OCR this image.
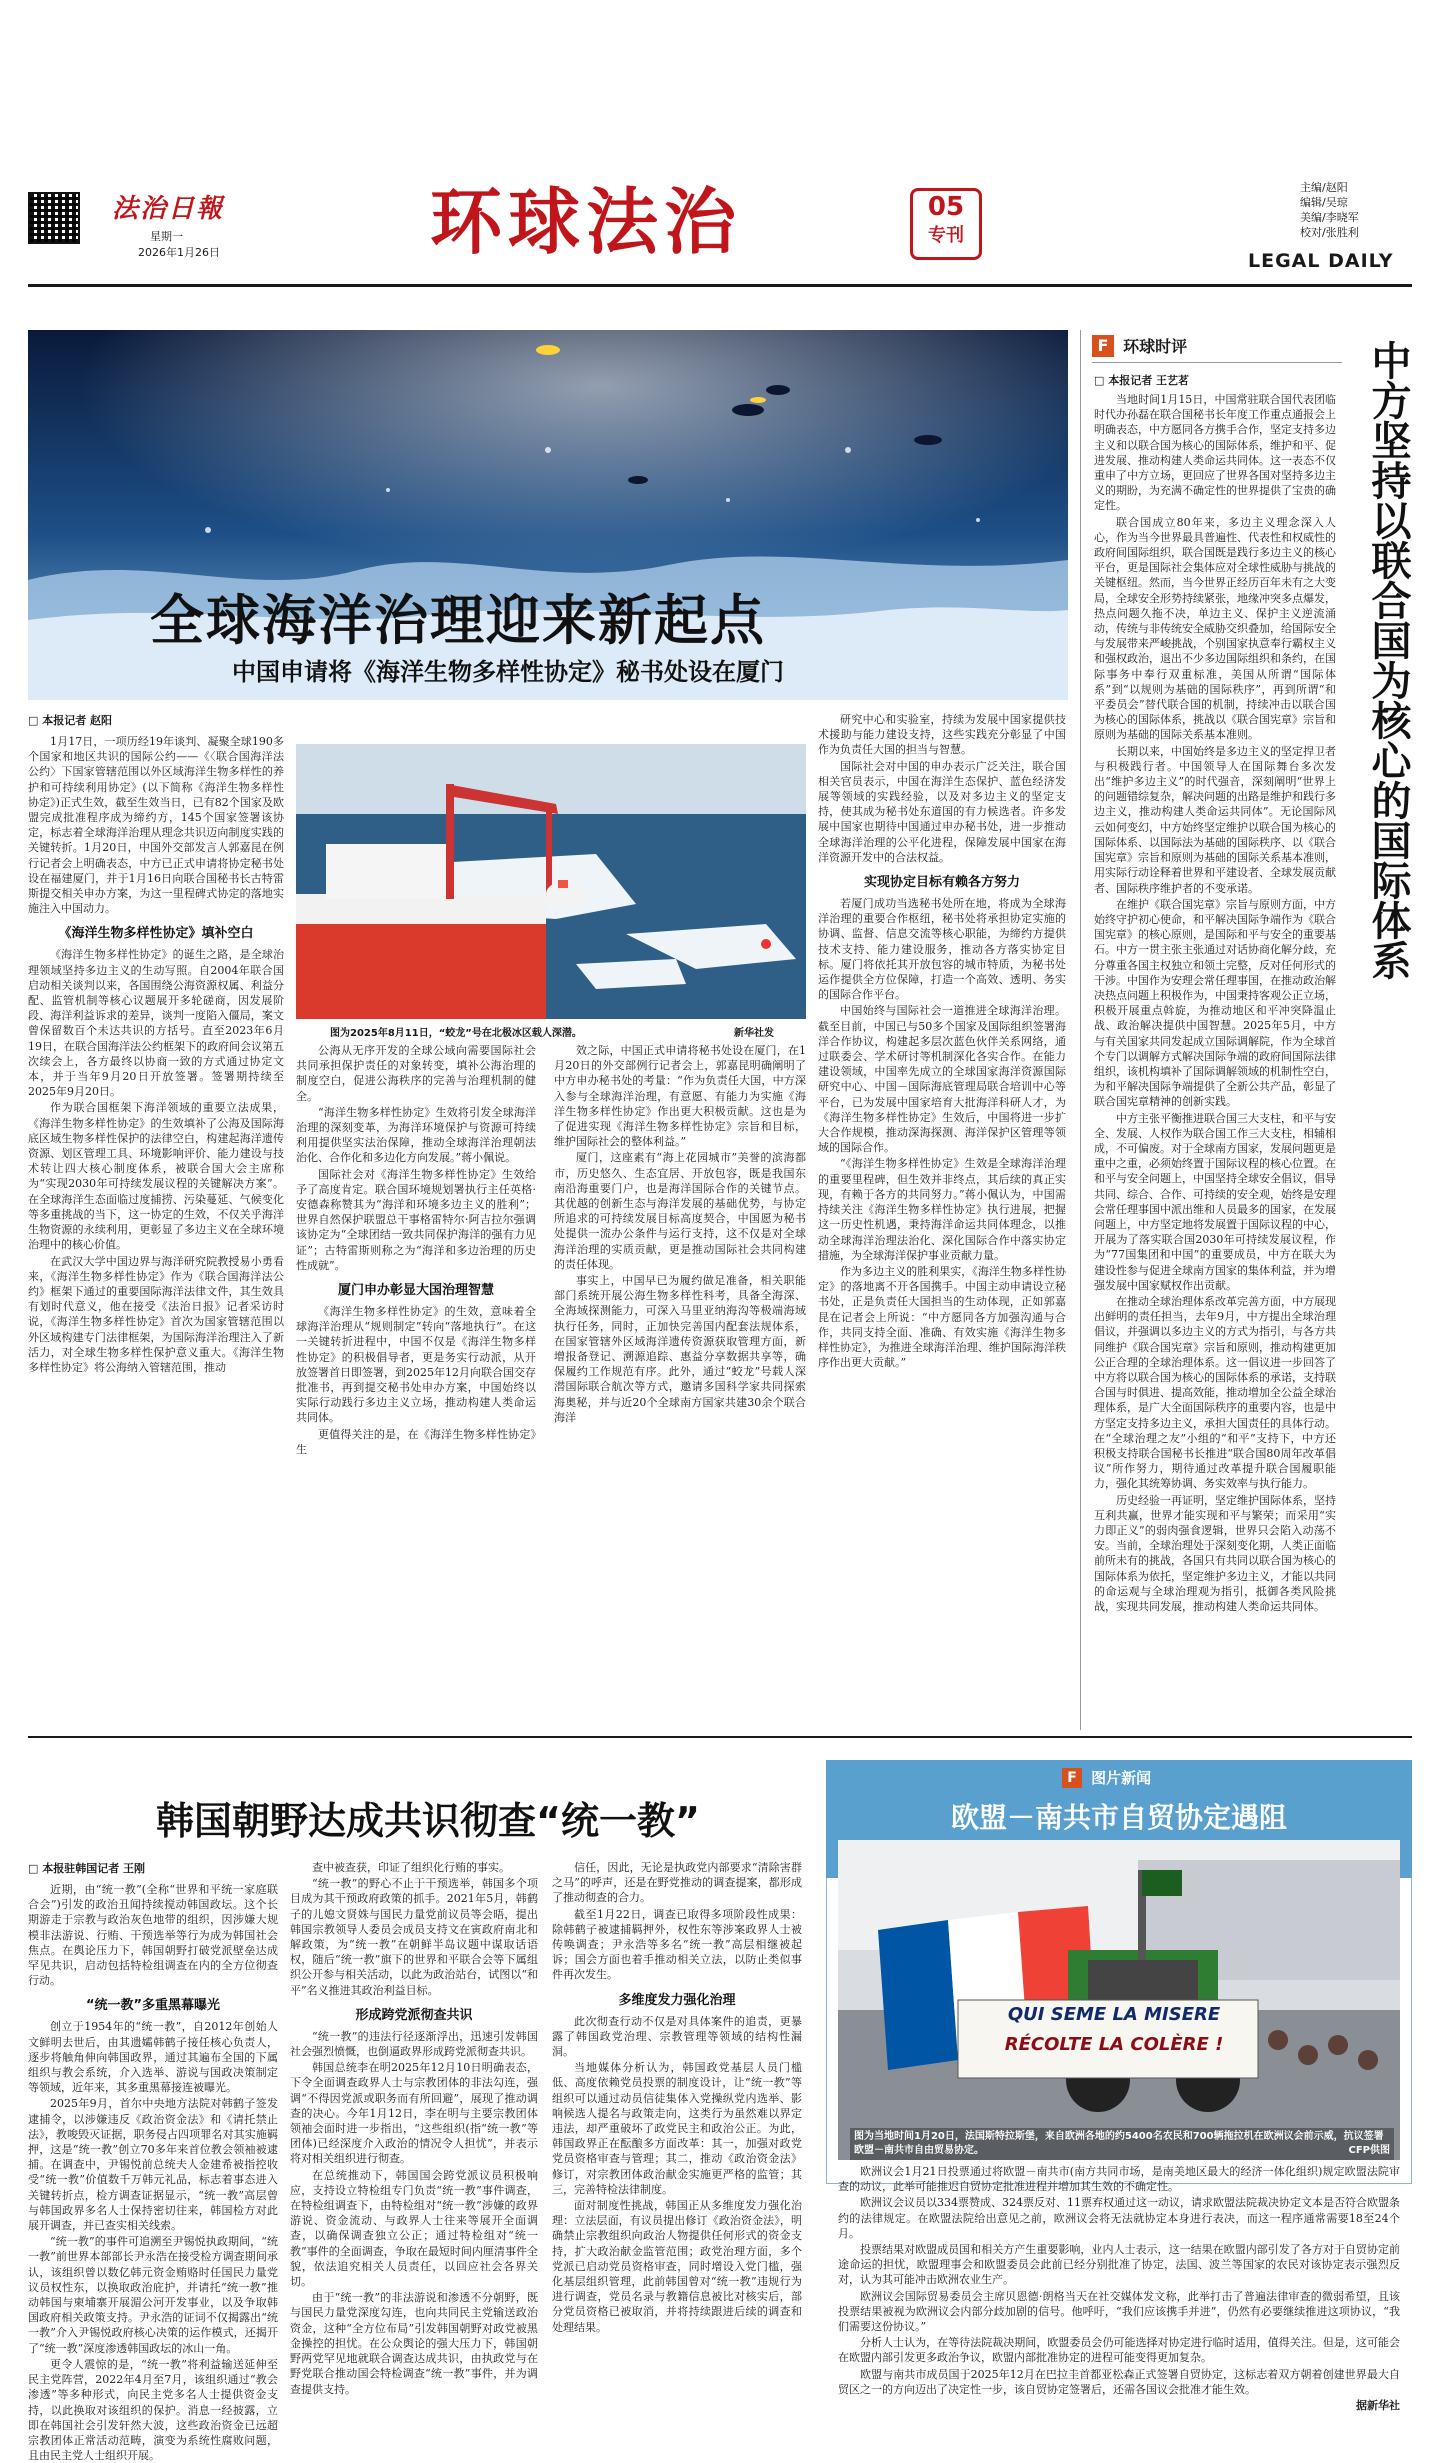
法治日報
星期一
2026年1月26日	环球法治	05
专刊
主编/赵阳
编辑/吴琼
美编/李晓军
校对/张胜利
LEGAL DAILY
全球海洋治理迎来新起点
中国申请将《海洋生物多样性协定》秘书处设在厦门
□ 本报记者 赵阳

1月17日，一项历经19年谈判、凝聚全球190多个国家和地区共识的国际公约——《〈联合国海洋法公约〉下国家管辖范围以外区域海洋生物多样性的养护和可持续利用协定》(以下简称《海洋生物多样性协定》)正式生效，截至生效当日，已有82个国家及欧盟完成批准程序成为缔约方，145个国家签署该协定，标志着全球海洋治理从理念共识迈向制度实践的关键转折。1月20日，中国外交部发言人郭嘉昆在例行记者会上明确表态，中方已正式申请将协定秘书处设在福建厦门，并于1月16日向联合国秘书长古特雷斯提交相关申办方案，为这一里程碑式协定的落地实施注入中国动力。

《海洋生物多样性协定》填补空白

《海洋生物多样性协定》的诞生之路，是全球治理领域坚持多边主义的生动写照。自2004年联合国启动相关谈判以来，各国围绕公海资源权属、利益分配、监管机制等核心议题展开多轮磋商，因发展阶段、海洋利益诉求的差异，谈判一度陷入僵局，案文曾保留数百个未达共识的方括号。直至2023年6月19日，在联合国海洋法公约框架下的政府间会议第五次续会上，各方最终以协商一致的方式通过协定文本，并于当年9月20日开放签署。签署期持续至2025年9月20日。

作为联合国框架下海洋领域的重要立法成果，《海洋生物多样性协定》的生效填补了公海及国际海底区域生物多样性保护的法律空白，构建起海洋遗传资源、划区管理工具、环境影响评价、能力建设与技术转让四大核心制度体系，被联合国大会主席称为“实现2030年可持续发展议程的关键解决方案”。在全球海洋生态面临过度捕捞、污染蔓延、气候变化等多重挑战的当下，这一协定的生效，不仅关乎海洋生物资源的永续利用，更彰显了多边主义在全球环境治理中的核心价值。

在武汉大学中国边界与海洋研究院教授易小勇看来，《海洋生物多样性协定》作为《联合国海洋法公约》框架下通过的重要国际海洋法律文件，其生效具有划时代意义，他在接受《法治日报》记者采访时说，《海洋生物多样性协定》首次为国家管辖范围以外区域构建专门法律框架，为国际海洋治理注入了新活力，对全球生物多样性保护意义重大。《海洋生物多样性协定》将公海纳入管辖范围，推动

图为2025年8月11日，“蛟龙”号在北极冰区载人深潜。	新华社发

公海从无序开发的全球公域向需要国际社会共同承担保护责任的对象转变，填补公海治理的制度空白，促进公海秩序的完善与治理机制的健全。

“海洋生物多样性协定》生效将引发全球海洋治理的深刻变革，为海洋环境保护与资源可持续利用提供坚实法治保障，推动全球海洋治理朝法治化、合作化和多边化方向发展。”蒋小佩说。

国际社会对《海洋生物多样性协定》生效给予了高度肯定。联合国环境规划署执行主任英格·安德森称赞其为“海洋和环境多边主义的胜利”；世界自然保护联盟总干事格雷特尔·阿吉拉尔强调该协定为“全球团结一致共同保护海洋的强有力见证”；古特雷斯则称之为“海洋和多边治理的历史性成就”。

厦门申办彰显大国治理智慧

《海洋生物多样性协定》的生效，意味着全球海洋治理从“规则制定”转向“落地执行”。在这一关键转折进程中，中国不仅是《海洋生物多样性协定》的积极倡导者，更是务实行动派，从开放签署首日即签署，到2025年12月向联合国交存批准书，再到提交秘书处申办方案，中国始终以实际行动践行多边主义立场，推动构建人类命运共同体。

更值得关注的是，在《海洋生物多样性协定》生

效之际，中国正式申请将秘书处设在厦门，在1月20日的外交部例行记者会上，郭嘉昆明确阐明了中方申办秘书处的考量：“作为负责任大国，中方深入参与全球海洋治理，有意愿、有能力为实施《海洋生物多样性协定》作出更大积极贡献。这也是为了促进实现《海洋生物多样性协定》宗旨和目标，维护国际社会的整体利益。”

厦门，这座素有“海上花园城市”美誉的滨海都市，历史悠久、生态宜居、开放包容，既是我国东南沿海重要门户，也是海洋国际合作的关键节点。其优越的创新生态与海洋发展的基础优势，与协定所追求的可持续发展目标高度契合，中国愿为秘书处提供一流办公条件与运行支持，这不仅是对全球海洋治理的实质贡献，更是推动国际社会共同构建的责任体现。

事实上，中国早已为履约做足准备，相关职能部门系统开展公海生物多样性科考，具备全海深、全海域探测能力，可深入马里亚纳海沟等极端海域执行任务，同时，正加快完善国内配套法规体系，在国家管辖外区域海洋遗传资源获取管理方面，新增报备登记、溯源追踪、惠益分享数据共享等，确保履约工作规范有序。此外，通过“蛟龙”号载人深潜国际联合航次等方式，邀请多国科学家共同探索海奥秘，并与近20个全球南方国家共建30余个联合海洋

研究中心和实验室，持续为发展中国家提供技术援助与能力建设支持，这些实践充分彰显了中国作为负责任大国的担当与智慧。

国际社会对中国的申办表示广泛关注，联合国相关官员表示，中国在海洋生态保护、蓝色经济发展等领域的实践经验，以及对多边主义的坚定支持，使其成为秘书处东道国的有力候选者。许多发展中国家也期待中国通过申办秘书处，进一步推动全球海洋治理的公平化进程，保障发展中国家在海洋资源开发中的合法权益。

实现协定目标有赖各方努力

若厦门成功当选秘书处所在地，将成为全球海洋治理的重要合作枢纽，秘书处将承担协定实施的协调、监督、信息交流等核心职能，为缔约方提供技术支持、能力建设服务，推动各方落实协定目标。厦门将依托其开放包容的城市特质，为秘书处运作提供全方位保障，打造一个高效、透明、务实的国际合作平台。

中国始终与国际社会一道推进全球海洋治理。截至目前，中国已与50多个国家及国际组织签署海洋合作协议，构建起多层次蓝色伙伴关系网络，通过联委会、学术研讨等机制深化各实合作。在能力建设领域，中国率先成立的全球国家海洋资源国际研究中心、中国－国际海底管理局联合培训中心等平台，已为发展中国家培育大批海洋科研人才，为《海洋生物多样性协定》生效后，中国将进一步扩大合作规模，推动深海探测、海洋保护区管理等领域的国际合作。

“《海洋生物多样性协定》生效是全球海洋治理的重要里程碑，但生效并非终点，其后续的真正实现，有赖于各方的共同努力。”蒋小佩认为，中国需持续关注《海洋生物多样性协定》执行进展，把握这一历史性机遇，秉持海洋命运共同体理念，以推动全球海洋治理法治化、深化国际合作中落实协定措施，为全球海洋保护事业贡献力量。

作为多边主义的胜利果实，《海洋生物多样性协定》的落地离不开各国携手。中国主动申请设立秘书处，正是负责任大国担当的生动体现，正如郭嘉昆在记者会上所说：“中方愿同各方加强沟通与合作，共同支持全面、准确、有效实施《海洋生物多样性协定》，为推进全球海洋治理、维护国际海洋秩序作出更大贡献。”

F 环球时评
□ 本报记者 王艺茗

当地时间1月15日，中国常驻联合国代表团临时代办孙磊在联合国秘书长年度工作重点通报会上明确表态，中方愿同各方携手合作，坚定支持多边主义和以联合国为核心的国际体系，维护和平、促进发展、推动构建人类命运共同体。这一表态不仅重申了中方立场，更回应了世界各国对坚持多边主义的期盼，为充满不确定性的世界提供了宝贵的确定性。

联合国成立80年来，多边主义理念深入人心，作为当今世界最具普遍性、代表性和权威性的政府间国际组织，联合国既是践行多边主义的核心平台，更是国际社会集体应对全球性威胁与挑战的关键枢纽。然而，当今世界正经历百年未有之大变局，全球安全形势持续紧张，地缘冲突多点爆发，热点问题久拖不决，单边主义、保护主义逆流涌动，传统与非传统安全威胁交织叠加，给国际安全与发展带来严峻挑战，个别国家执意奉行霸权主义和强权政治，退出不少多边国际组织和条约，在国际事务中奉行双重标准，美国从所谓“国际体系”到“以规则为基础的国际秩序”，再到所谓“和平委员会”替代联合国的机制，持续冲击以联合国为核心的国际体系，挑战以《联合国宪章》宗旨和原则为基础的国际关系基本准则。

长期以来，中国始终是多边主义的坚定捍卫者与积极践行者。中国领导人在国际舞台多次发出“维护多边主义”的时代强音，深刻阐明“世界上的问题错综复杂，解决问题的出路是维护和践行多边主义，推动构建人类命运共同体”。无论国际风云如何变幻，中方始终坚定维护以联合国为核心的国际体系、以国际法为基础的国际秩序、以《联合国宪章》宗旨和原则为基础的国际关系基本准则，用实际行动诠释着世界和平建设者、全球发展贡献者、国际秩序维护者的不变承诺。

在维护《联合国宪章》宗旨与原则方面，中方始终守护初心使命，和平解决国际争端作为《联合国宪章》的核心原则，是国际和平与安全的重要基石。中方一贯主张主张通过对话协商化解分歧，充分尊重各国主权独立和领土完整，反对任何形式的干涉。中国作为安理会常任理事国，在推动政治解决热点问题上积极作为，中国秉持客观公正立场，积极开展重点斡旋，为推动地区和平冲突降温止战、政治解决提供中国智慧。2025年5月，中方与有关国家共同发起成立国际调解院，作为全球首个专门以调解方式解决国际争端的政府间国际法律组织，该机构填补了国际调解领域的机制性空白，为和平解决国际争端提供了全新公共产品，彰显了联合国宪章精神的创新实践。

中方主张平衡推进联合国三大支柱，和平与安全、发展、人权作为联合国工作三大支柱，相辅相成，不可偏废。对于全球南方国家，发展问题更是重中之重，必须始终置于国际议程的核心位置。在和平与安全问题上，中国坚持全球安全倡议，倡导共同、综合、合作、可持续的安全观，始终是安理会常任理事国中派出维和人员最多的国家，在发展问题上，中方坚定地将发展置于国际议程的中心，开展为了落实联合国2030年可持续发展议程，作为“77国集团和中国”的重要成员，中方在联大为建设性参与促进全球南方国家的集体利益，并为增强发展中国家赋权作出贡献。

在推动全球治理体系改革完善方面，中方展现出鲜明的责任担当，去年9月，中方提出全球治理倡议，并强调以多边主义的方式为指引，与各方共同维护《联合国宪章》宗旨和原则，推动构建更加公正合理的全球治理体系。这一倡议进一步回答了中方将以联合国为核心的国际体系的承诺，支持联合国与时俱进、提高效能，推动增加全公益全球治理体系，是广大全面国际秩序的重要内容，也是中方坚定支持多边主义，承担大国责任的具体行动。在“全球治理之友”小组的“和平”支持下，中方还积极支持联合国秘书长推进“联合国80周年改革倡议”所作努力，期待通过改革提升联合国履职能力，强化其统筹协调、务实效率与执行能力。

历史经验一再证明，坚定维护国际体系，坚持互利共赢，世界才能实现和平与繁荣；而采用“实力即正义”的弱肉强食逻辑，世界只会陷入动荡不安。当前，全球治理处于深刻变化期，人类正面临前所未有的挑战，各国只有共同以联合国为核心的国际体系为依托，坚定维护多边主义，才能以共同的命运观与全球治理观为指引，抵御各类风险挑战，实现共同发展，推动构建人类命运共同体。

中方坚持以联合国为核心的国际体系
韩国朝野达成共识彻查“统一教”
□ 本报驻韩国记者 王刚

近期，由“统一教”(全称“世界和平统一家庭联合会”)引发的政治丑闻持续搅动韩国政坛。这个长期游走于宗教与政治灰色地带的组织，因涉嫌大规模非法游说、行贿、干预选举等行为成为韩国社会焦点。在舆论压力下，韩国朝野打破党派壁垒达成罕见共识，启动包括特检组调查在内的全方位彻查行动。

“统一教”多重黑幕曝光

创立于1954年的“统一教”，自2012年创始人文鲜明去世后，由其遗孀韩鹤子接任核心负责人，逐步将触角伸向韩国政界，通过其遍布全国的下属组织与教会系统，介入选举、游说与国政决策制定等领域，近年来，其多重黑幕接连被曝光。

2025年9月，首尔中央地方法院对韩鹤子签发逮捕令，以涉嫌违反《政治资金法》和《请托禁止法》，教唆毁灭证据，职务侵占四项罪名对其实施羁押，这是“统一教”创立70多年来首位教会领袖被逮捕。在调查中，尹锡悦前总统夫人金建希被指控收受“统一教”价值数千万韩元礼品，标志着事态进入关键转折点，检方调查证据显示，“统一教”高层曾与韩国政界多名人士保持密切往来，韩国检方对此展开调查，并已查实相关线索。

“统一教”的事件可追溯至尹锡悦执政期间，“统一教”前世界本部部长尹永浩在接受检方调查期间承认，该组织曾以数亿韩元资金贿赂时任国民力量党议员权性东，以换取政治庇护，并请托“统一教”推动韩国与柬埔寨开展湄公河开发事业，以及争取韩国政府相关政策支持。尹永浩的证词不仅揭露出“统一教”介入尹锡悦政府核心决策的运作模式，还揭开了“统一教”深度渗透韩国政坛的冰山一角。

更令人震惊的是，“统一教”将利益输送延伸至民主党阵营，2022年4月至7月，该组织通过“教会渗透”等多种形式，向民主党多名人士提供资金支持，以此换取对该组织的保护。消息一经披露，立即在韩国社会引发轩然大波，这些政治资金已远超宗教团体正常活动范畴，演变为系统性腐败问题，且由民主党人士组织开展。

查中被查获，印证了组织化行贿的事实。

“统一教”的野心不止于干预选举，韩国多个项目成为其干预政府政策的抓手。2021年5月，韩鹤子的儿媳文贤姝与国民力量党前议员等会晤，提出韩国宗教领导人委员会成员支持文在寅政府南北和解政策，为“统一教”在朝鲜半岛议题中谋取话语权，随后“统一教”旗下的世界和平联合会等下属组织公开参与相关活动，以此为政治站台，试图以“和平”名义推进其政治利益目标。

形成跨党派彻查共识

“统一教”的违法行径逐渐浮出，迅速引发韩国社会强烈愤慨，也倒逼政界形成跨党派彻查共识。

韩国总统李在明2025年12月10日明确表态，下令全面调查政界人士与宗教团体的非法勾连，强调“不得因党派或职务而有所回避”，展现了推动调查的决心。今年1月12日，李在明与主要宗教团体领袖会面时进一步指出，“这些组织(指“统一教”等团体)已经深度介入政治的情况令人担忧”，并表示将对相关组织进行彻查。

在总统推动下，韩国国会跨党派议员积极响应，支持设立特检组专门负责“统一教”事件调查，在特检组调查下，由特检组对“统一教”涉嫌的政界游说、资金流动、与政界人士往来等展开全面调查，以确保调查独立公正；通过特检组对“统一教”事件的全面调查，争取在最短时间内厘清事件全貌，依法追究相关人员责任，以回应社会各界关切。

由于“统一教”的非法游说和渗透不分朝野，既与国民力量党深度勾连，也向共同民主党输送政治资金，这种“全方位布局”引发韩国朝野对政党被黑金操控的担忧。在公众舆论的强大压力下，韩国朝野两党罕见地就联合调查达成共识，由执政党与在野党联合推动国会特检调查“统一教”事件，并为调查提供支持。

信任，因此，无论是执政党内部要求“清除害群之马”的呼声，还是在野党推动的调查提案，都形成了推动彻查的合力。

截至1月22日，调查已取得多项阶段性成果：除韩鹤子被逮捕羁押外，权性东等涉案政界人士被传唤调查；尹永浩等多名“统一教”高层相继被起诉；国会方面也着手推动相关立法，以防止类似事件再次发生。

多维度发力强化治理

此次彻查行动不仅是对具体案件的追责，更暴露了韩国政党治理、宗教管理等领域的结构性漏洞。

当地媒体分析认为，韩国政党基层人员门槛低、高度依赖党员投票的制度设计，让“统一教”等组织可以通过动员信徒集体入党操纵党内选举、影响候选人提名与政策走向，这类行为虽然难以界定违法，却严重破坏了政党民主和政治公正。为此，韩国政界正在酝酿多方面改革：其一，加强对政党党员资格审查与管理；其二，推动《政治资金法》修订，对宗教团体政治献金实施更严格的监管；其三，完善特检法律制度。

面对制度性挑战，韩国正从多维度发力强化治理：立法层面，有议员提出修订《政治资金法》，明确禁止宗教组织向政治人物提供任何形式的资金支持，扩大政治献金监管范围；政党治理方面，多个党派已启动党员资格审查，同时增设入党门槛，强化基层组织管理，此前韩国曾对“统一教”违规行为进行调查，党员名录与教籍信息被比对核实后，部分党员资格已被取消，并将持续跟进后续的调查和处理结果。

F 图片新闻
欧盟－南共市自贸协定遇阻
QUI SEME LA MISERE
RÉCOLTE LA COLÈRE !
图为当地时间1月20日，法国斯特拉斯堡，来自欧洲各地的约5400名农民和700辆拖拉机在欧洲议会前示威，抗议签署欧盟－南共市自由贸易协定。	CFP供图

欧洲议会1月21日投票通过将欧盟－南共市(南方共同市场，是南美地区最大的经济一体化组织)规定欧盟法院审查的动议，此举可能推迟自贸协定批准进程并增加其生效的不确定性。

欧洲议会议员以334票赞成、324票反对、11票弃权通过这一动议，请求欧盟法院裁决协定文本是否符合欧盟条约的法律规定。在欧盟法院给出意见之前，欧洲议会将无法就协定本身进行表决，而这一程序通常需要18至24个月。

投票结果对欧盟成员国和相关方产生重要影响，业内人士表示，这一结果在欧盟内部引发了各方对于自贸协定前途命运的担忧，欧盟理事会和欧盟委员会此前已经分别批准了协定，法国、波兰等国家的农民对该协定表示强烈反对，认为其可能冲击欧洲农业生产。

欧洲议会国际贸易委员会主席贝恩德·朗格当天在社交媒体发文称，此举打击了普遍法律审查的微弱希望，且该投票结果被视为欧洲议会内部分歧加剧的信号。他呼吁，“我们应该携手并进”，仍然有必要继续推进这项协议，“我们需要这份协议。”

分析人士认为，在等待法院裁决期间，欧盟委员会仍可能选择对协定进行临时适用，值得关注。但是，这可能会在欧盟内部引发更多政治争议，欧盟内部批准协定的进程可能变得更加复杂。

欧盟与南共市成员国于2025年12月在巴拉圭首都亚松森正式签署自贸协定，这标志着双方朝着创建世界最大自贸区之一的方向迈出了决定性一步，该自贸协定签署后，还需各国议会批准才能生效。

据新华社
